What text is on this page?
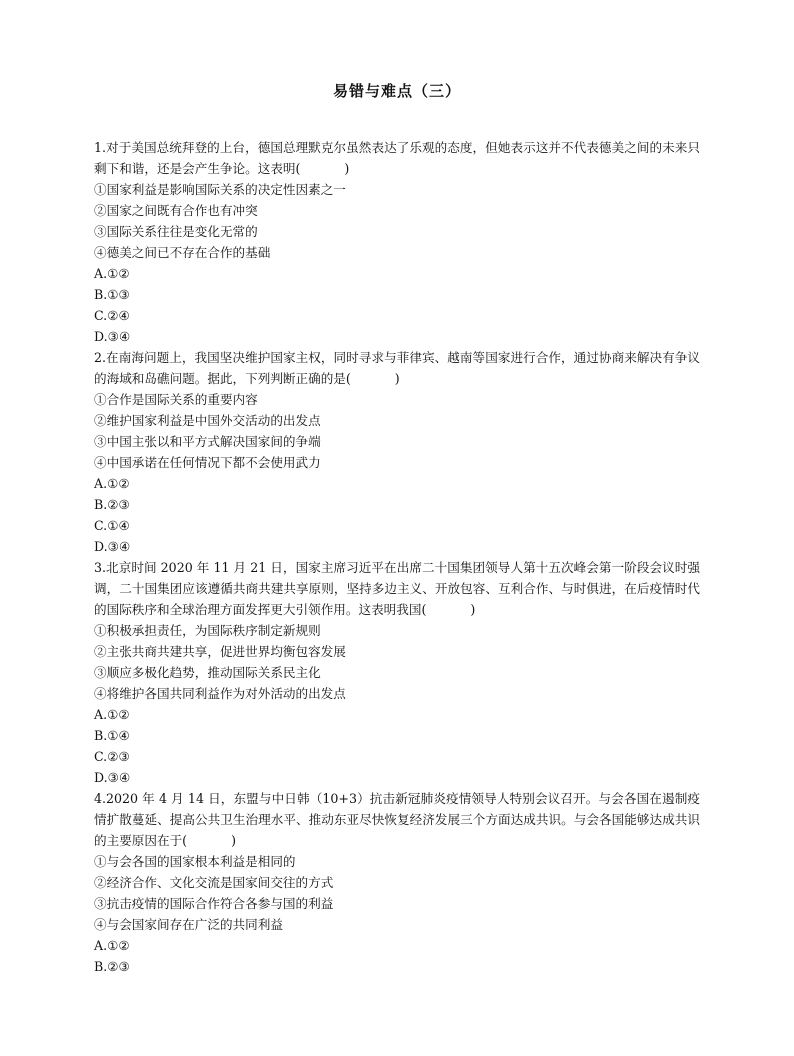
易错与难点（三）

1.对于美国总统拜登的上台，德国总理默克尔虽然表达了乐观的态度，但她表示这并不代表德美之间的未来只剩下和谐，还是会产生争论。这表明(	)

①国家利益是影响国际关系的决定性因素之一

②国家之间既有合作也有冲突

③国际关系往往是变化无常的

④德美之间已不存在合作的基础

A.①②

B.①③

C.②④

D.③④

2.在南海问题上，我国坚决维护国家主权，同时寻求与菲律宾、越南等国家进行合作，通过协商来解决有争议的海域和岛礁问题。据此，下列判断正确的是(	)

①合作是国际关系的重要内容

②维护国家利益是中国外交活动的出发点

③中国主张以和平方式解决国家间的争端

④中国承诺在任何情况下都不会使用武力

A.①②

B.②③

C.①④

D.③④

3.北京时间 2020 年 11 月 21 日，国家主席习近平在出席二十国集团领导人第十五次峰会第一阶段会议时强调，二十国集团应该遵循共商共建共享原则，坚持多边主义、开放包容、互利合作、与时俱进，在后疫情时代的国际秩序和全球治理方面发挥更大引领作用。这表明我国(	)

①积极承担责任，为国际秩序制定新规则

②主张共商共建共享，促进世界均衡包容发展

③顺应多极化趋势，推动国际关系民主化

④将维护各国共同利益作为对外活动的出发点

A.①②

B.①④

C.②③

D.③④

4.2020 年 4 月 14 日，东盟与中日韩（10+3）抗击新冠肺炎疫情领导人特别会议召开。与会各国在遏制疫情扩散蔓延、提高公共卫生治理水平、推动东亚尽快恢复经济发展三个方面达成共识。与会各国能够达成共识的主要原因在于(	)

①与会各国的国家根本利益是相同的

②经济合作、文化交流是国家间交往的方式

③抗击疫情的国际合作符合各参与国的利益

④与会国家间存在广泛的共同利益

A.①②

B.②③
